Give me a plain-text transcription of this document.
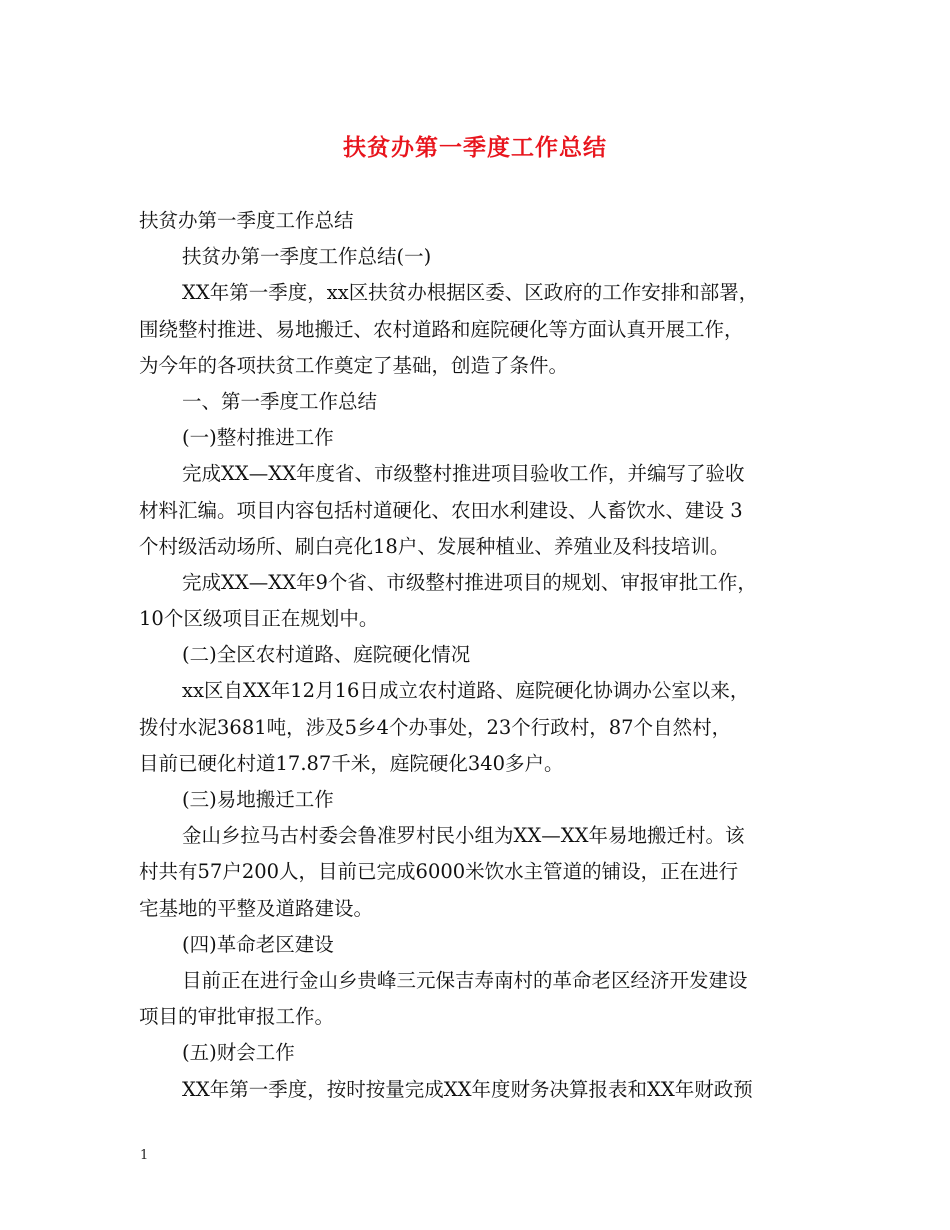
扶贫办第一季度工作总结
扶贫办第一季度工作总结
扶贫办第一季度工作总结(一)
XX年第一季度，xx区扶贫办根据区委、区政府的工作安排和部署，
围绕整村推进、易地搬迁、农村道路和庭院硬化等方面认真开展工作，
为今年的各项扶贫工作奠定了基础，创造了条件。
一、第一季度工作总结
(一)整村推进工作
完成XX—XX年度省、市级整村推进项目验收工作，并编写了验收
材料汇编。项目内容包括村道硬化、农田水利建设、人畜饮水、建设 3
个村级活动场所、刷白亮化18户、发展种植业、养殖业及科技培训。
完成XX—XX年9个省、市级整村推进项目的规划、审报审批工作，
10个区级项目正在规划中。
(二)全区农村道路、庭院硬化情况
xx区自XX年12月16日成立农村道路、庭院硬化协调办公室以来，
拨付水泥3681吨，涉及5乡4个办事处，23个行政村，87个自然村，
目前已硬化村道17.87千米，庭院硬化340多户。
(三)易地搬迁工作
金山乡拉马古村委会鲁准罗村民小组为XX—XX年易地搬迁村。该
村共有57户200人，目前已完成6000米饮水主管道的铺设，正在进行
宅基地的平整及道路建设。
(四)革命老区建设
目前正在进行金山乡贵峰三元保吉寿南村的革命老区经济开发建设
项目的审批审报工作。
(五)财会工作
XX年第一季度，按时按量完成XX年度财务决算报表和XX年财政预
1
